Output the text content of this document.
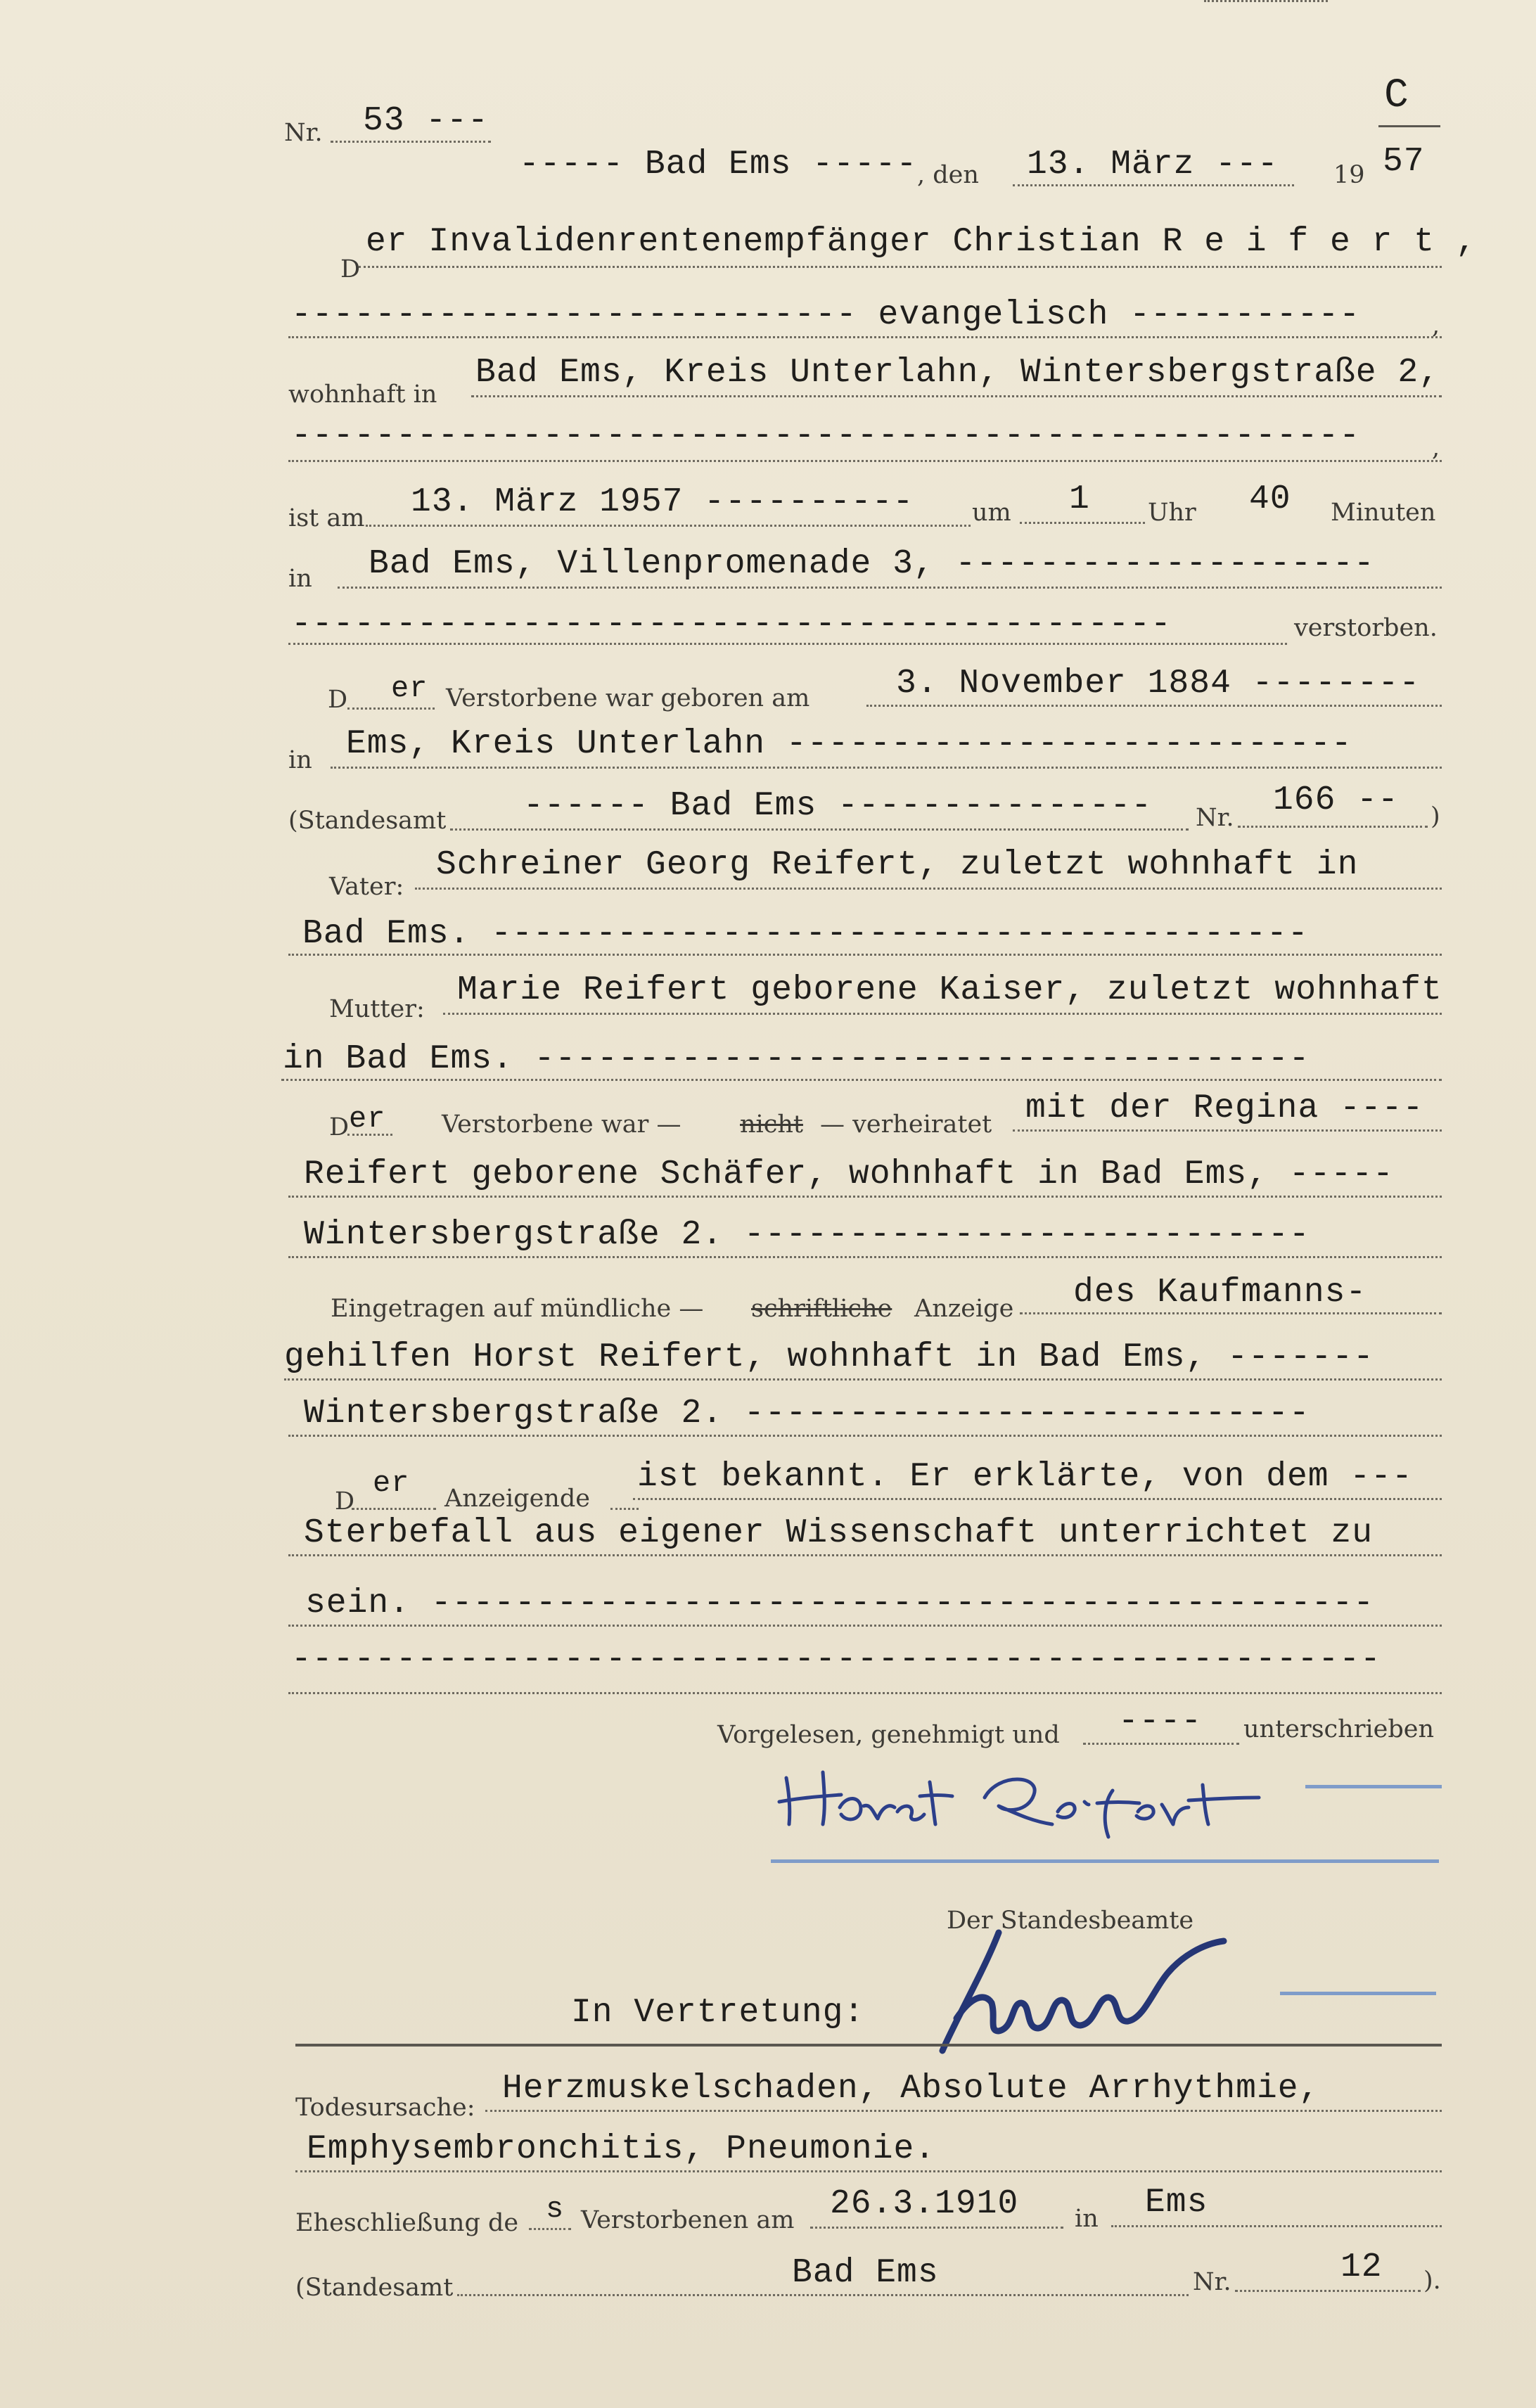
Nr. 53 ---
C
----- Bad Ems ----- , den 13. März --- 19 57
D
er Invalidenrentenempfänger Christian R e i f e r t ,
--------------------------- evangelisch -----------	,
wohnhaft in
Bad Ems, Kreis Unterlahn, Wintersbergstraße 2,
---------------------------------------------------	,
ist am 13. März 1957 ---------- um 1 Uhr 40 Minuten
in Bad Ems, Villenpromenade 3, --------------------
------------------------------------------	verstorben.
D er Verstorbene war geboren am	3. November 1884 --------
in Ems, Kreis Unterlahn ---------------------------
(Standesamt ------ Bad Ems --------------- Nr. 166 -- )
Vater:
Schreiner Georg Reifert, zuletzt wohnhaft in
Bad Ems. ---------------------------------------
Mutter: Marie Reifert geborene Kaiser, zuletzt wohnhaft
in Bad Ems. -------------------------------------
D er Verstorbene war — nicht — verheiratet mit der Regina ----
Reifert geborene Schäfer, wohnhaft in Bad Ems, -----
Wintersbergstraße 2. ---------------------------
Eingetragen auf mündliche — schriftliche Anzeige des Kaufmanns-
gehilfen Horst Reifert, wohnhaft in Bad Ems, -------
Wintersbergstraße 2. ---------------------------
D
er Anzeigende
ist bekannt. Er erklärte, von dem ---
Sterbefall aus eigener Wissenschaft unterrichtet zu
sein. ---------------------------------------------
----------------------------------------------------
Vorgelesen, genehmigt und ---- unterschrieben
Der Standesbeamte
In Vertretung:
Todesursache: Herzmuskelschaden, Absolute Arrhythmie,
Emphysembronchitis, Pneumonie.
Eheschließung de s Verstorbenen am 26.3.1910 in Ems
(Standesamt	Bad Ems	Nr.	12 ).
